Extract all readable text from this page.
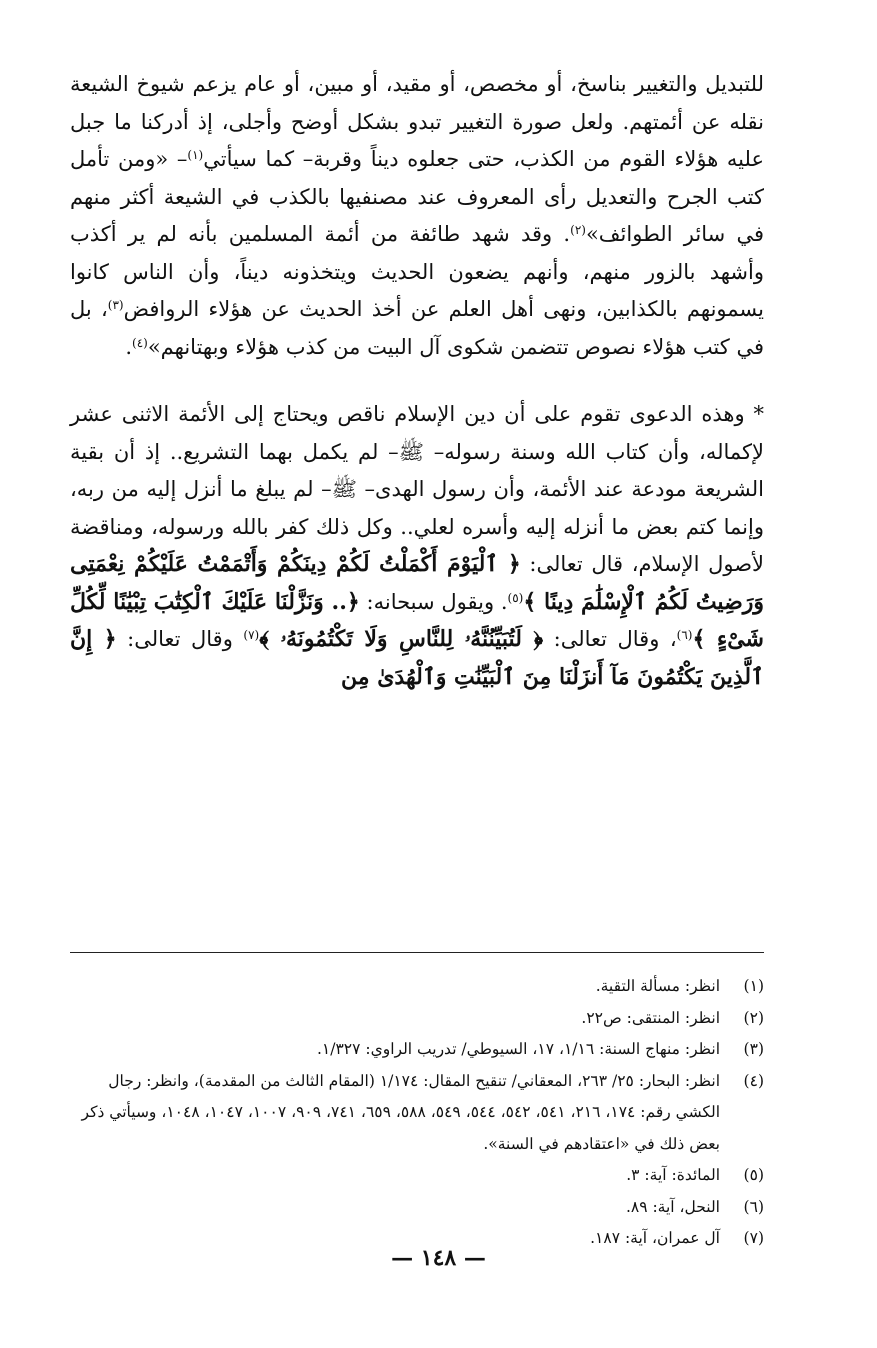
للتبديل والتغيير بناسخ، أو مخصص، أو مقيد، أو مبين، أو عام يزعم شيوخ الشيعة نقله عن أئمتهم. ولعل صورة التغيير تبدو بشكل أوضح وأجلى، إذ أدركنا ما جبل عليه هؤلاء القوم من الكذب، حتى جعلوه ديناً وقربة– كما سيأتي$^{(١)}$– «ومن تأمل كتب الجرح والتعديل رأى المعروف عند مصنفيها بالكذب في الشيعة أكثر منهم في سائر الطوائف»$^{(٢)}$. وقد شهد طائفة من أئمة المسلمين بأنه لم ير أكذب وأشهد بالزور منهم، وأنهم يضعون الحديث ويتخذونه ديناً، وأن الناس كانوا يسمونهم بالكذابين، ونهى أهل العلم عن أخذ الحديث عن هؤلاء الروافض$^{(٣)}$، بل في كتب هؤلاء نصوص تتضمن شكوى آل البيت من كذب هؤلاء وبهتانهم»$^{(٤)}$.

* وهذه الدعوى تقوم على أن دين الإسلام ناقص ويحتاج إلى الأئمة الاثنى عشر لإكماله، وأن كتاب الله وسنة رسوله– ﷺ– لم يكمل بهما التشريع.. إذ أن بقية الشريعة مودعة عند الأئمة، وأن رسول الهدى– ﷺ– لم يبلغ ما أنزل إليه من ربه، وإنما كتم بعض ما أنزله إليه وأسره لعلي.. وكل ذلك كفر بالله ورسوله، ومناقضة لأصول الإسلام، قال تعالى: ﴿ ٱلْيَوْمَ أَكْمَلْتُ لَكُمْ دِينَكُمْ وَأَتْمَمْتُ عَلَيْكُمْ نِعْمَتِى وَرَضِيتُ لَكُمُ ٱلْإِسْلَٰمَ دِينًا ﴾$^{(٥)}$. ويقول سبحانه: ﴿.. وَنَزَّلْنَا عَلَيْكَ ٱلْكِتَٰبَ تِبْيَٰنًا لِّكُلِّ شَىْءٍ ﴾$^{(٦)}$، وقال تعالى: ﴿ لَتُبَيِّنُنَّهُۥ لِلنَّاسِ وَلَا تَكْتُمُونَهُۥ ﴾$^{(٧)}$ وقال تعالى: ﴿ إِنَّ ٱلَّذِينَ يَكْتُمُونَ مَآ أَنزَلْنَا مِنَ ٱلْبَيِّنَٰتِ وَٱلْهُدَىٰ مِن

(١)
انظر: مسألة التقية.
(٢)
انظر: المنتقى: ص٢٢.
(٣)
انظر: منهاج السنة: ١/١٦، ١٧، السيوطي/ تدريب الراوي: ١/٣٢٧.
(٤)
انظر: البحار: ٢٥/ ٢٦٣، المعقاني/ تنقيح المقال: ١/١٧٤ (المقام الثالث من المقدمة)، وانظر: رجال الكشي رقم: ١٧٤، ٢١٦، ٥٤١، ٥٤٢، ٥٤٤، ٥٤٩، ٥٨٨، ٦٥٩، ٧٤١، ٩٠٩، ١٠٠٧، ١٠٤٧، ١٠٤٨، وسيأتي ذكر بعض ذلك في «اعتقادهم في السنة».
(٥)
المائدة: آية: ٣.
(٦)
النحل، آية: ٨٩.
(٧)
آل عمران، آية: ١٨٧.
— ١٤٨ —
